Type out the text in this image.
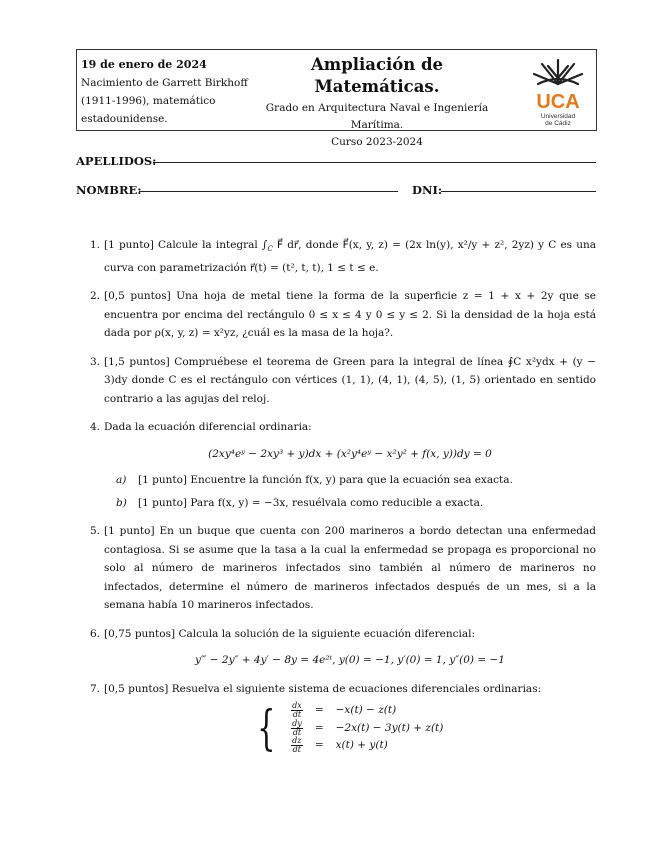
19 de enero de 2024
Nacimiento de Garrett Birkhoff
(1911-1996), matemático
estadounidense.
Ampliación de Matemáticas.
Grado en Arquitectura Naval e Ingeniería
Marítima.
Curso 2023-2024
UCA
Universidad
de Cádiz
APELLIDOS:
NOMBRE:	DNI:
1. [1 punto] Calcule la integral $\int_C$ F⃗ dr⃗, donde F⃗(x, y, z) = (2x ln(y), x²/y + z², 2yz) y C es una curva con parametrización r⃗(t) = (t², t, t), 1 ≤ t ≤ e.
2. [0,5 puntos] Una hoja de metal tiene la forma de la superficie z = 1 + x + 2y que se encuentra por encima del rectángulo 0 ≤ x ≤ 4 y 0 ≤ y ≤ 2. Si la densidad de la hoja está dada por ρ(x, y, z) = x²yz, ¿cuál es la masa de la hoja?.
3. [1,5 puntos] Compruébese el teorema de Green para la integral de línea ∮C x²ydx + (y − 3)dy donde C es el rectángulo con vértices (1, 1), (4, 1), (4, 5), (1, 5) orientado en sentido contrario a las agujas del reloj.
4. Dada la ecuación diferencial ordinaria:
(2xy⁴eʸ − 2xy³ + y)dx + (x²y⁴eʸ − x²y² + f(x, y))dy = 0
a) [1 punto] Encuentre la función f(x, y) para que la ecuación sea exacta.
b) [1 punto] Para f(x, y) = −3x, resuélvala como reducible a exacta.
5. [1 punto] En un buque que cuenta con 200 marineros a bordo detectan una enfermedad contagiosa. Si se asume que la tasa a la cual la enfermedad se propaga es proporcional no solo al número de marineros infectados sino también al número de marineros no infectados, determine el número de marineros infectados después de un mes, si a la semana había 10 marineros infectados.
6. [0,75 puntos] Calcula la solución de la siguiente ecuación diferencial:
y‴ − 2y″ + 4y′ − 8y = 4e²ᵗ, y(0) = −1, y′(0) = 1, y″(0) = −1
7. [0,5 puntos] Resuelva el siguiente sistema de ecuaciones diferenciales ordinarias:
{ $\frac{dx}{dt}$	=	−x(t) − z(t)

$\frac{dy}{dt}$	=	−2x(t) − 3y(t) + z(t)

$\frac{dz}{dt}$	=	x(t) + y(t)
